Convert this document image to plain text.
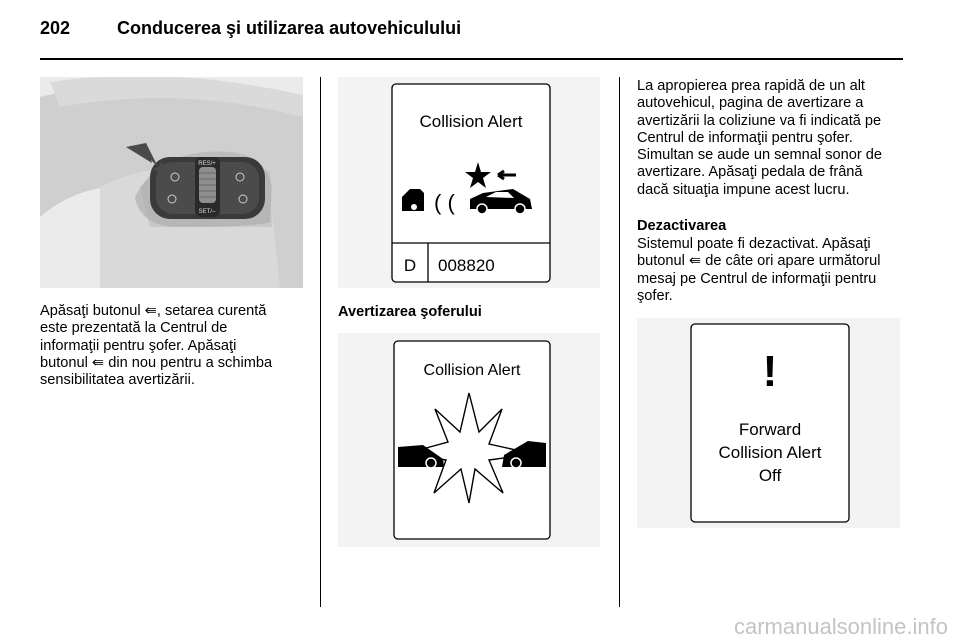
202	Conducerea şi utilizarea autovehiculului
RES/+
SET/–

Apăsaţi butonul ⇚, setarea curentă

este prezentată la Centrul de

informaţii pentru şofer. Apăsaţi

butonul ⇚ din nou pentru a schimba

sensibilitatea avertizării.

Collision Alert
D 008820
( (
Avertizarea şoferului
Collision Alert

La apropierea prea rapidă de un alt

autovehicul, pagina de avertizare a

avertizării la coliziune va fi indicată pe

Centrul de informaţii pentru şofer.

Simultan se aude un semnal sonor de

avertizare. Apăsaţi pedala de frână

dacă situaţia impune acest lucru.

Dezactivarea

Sistemul poate fi dezactivat. Apăsaţi

butonul ⇚ de câte ori apare următorul

mesaj pe Centrul de informaţii pentru

şofer.

!
Forward
Collision Alert
Off
carmanualsonline.info
